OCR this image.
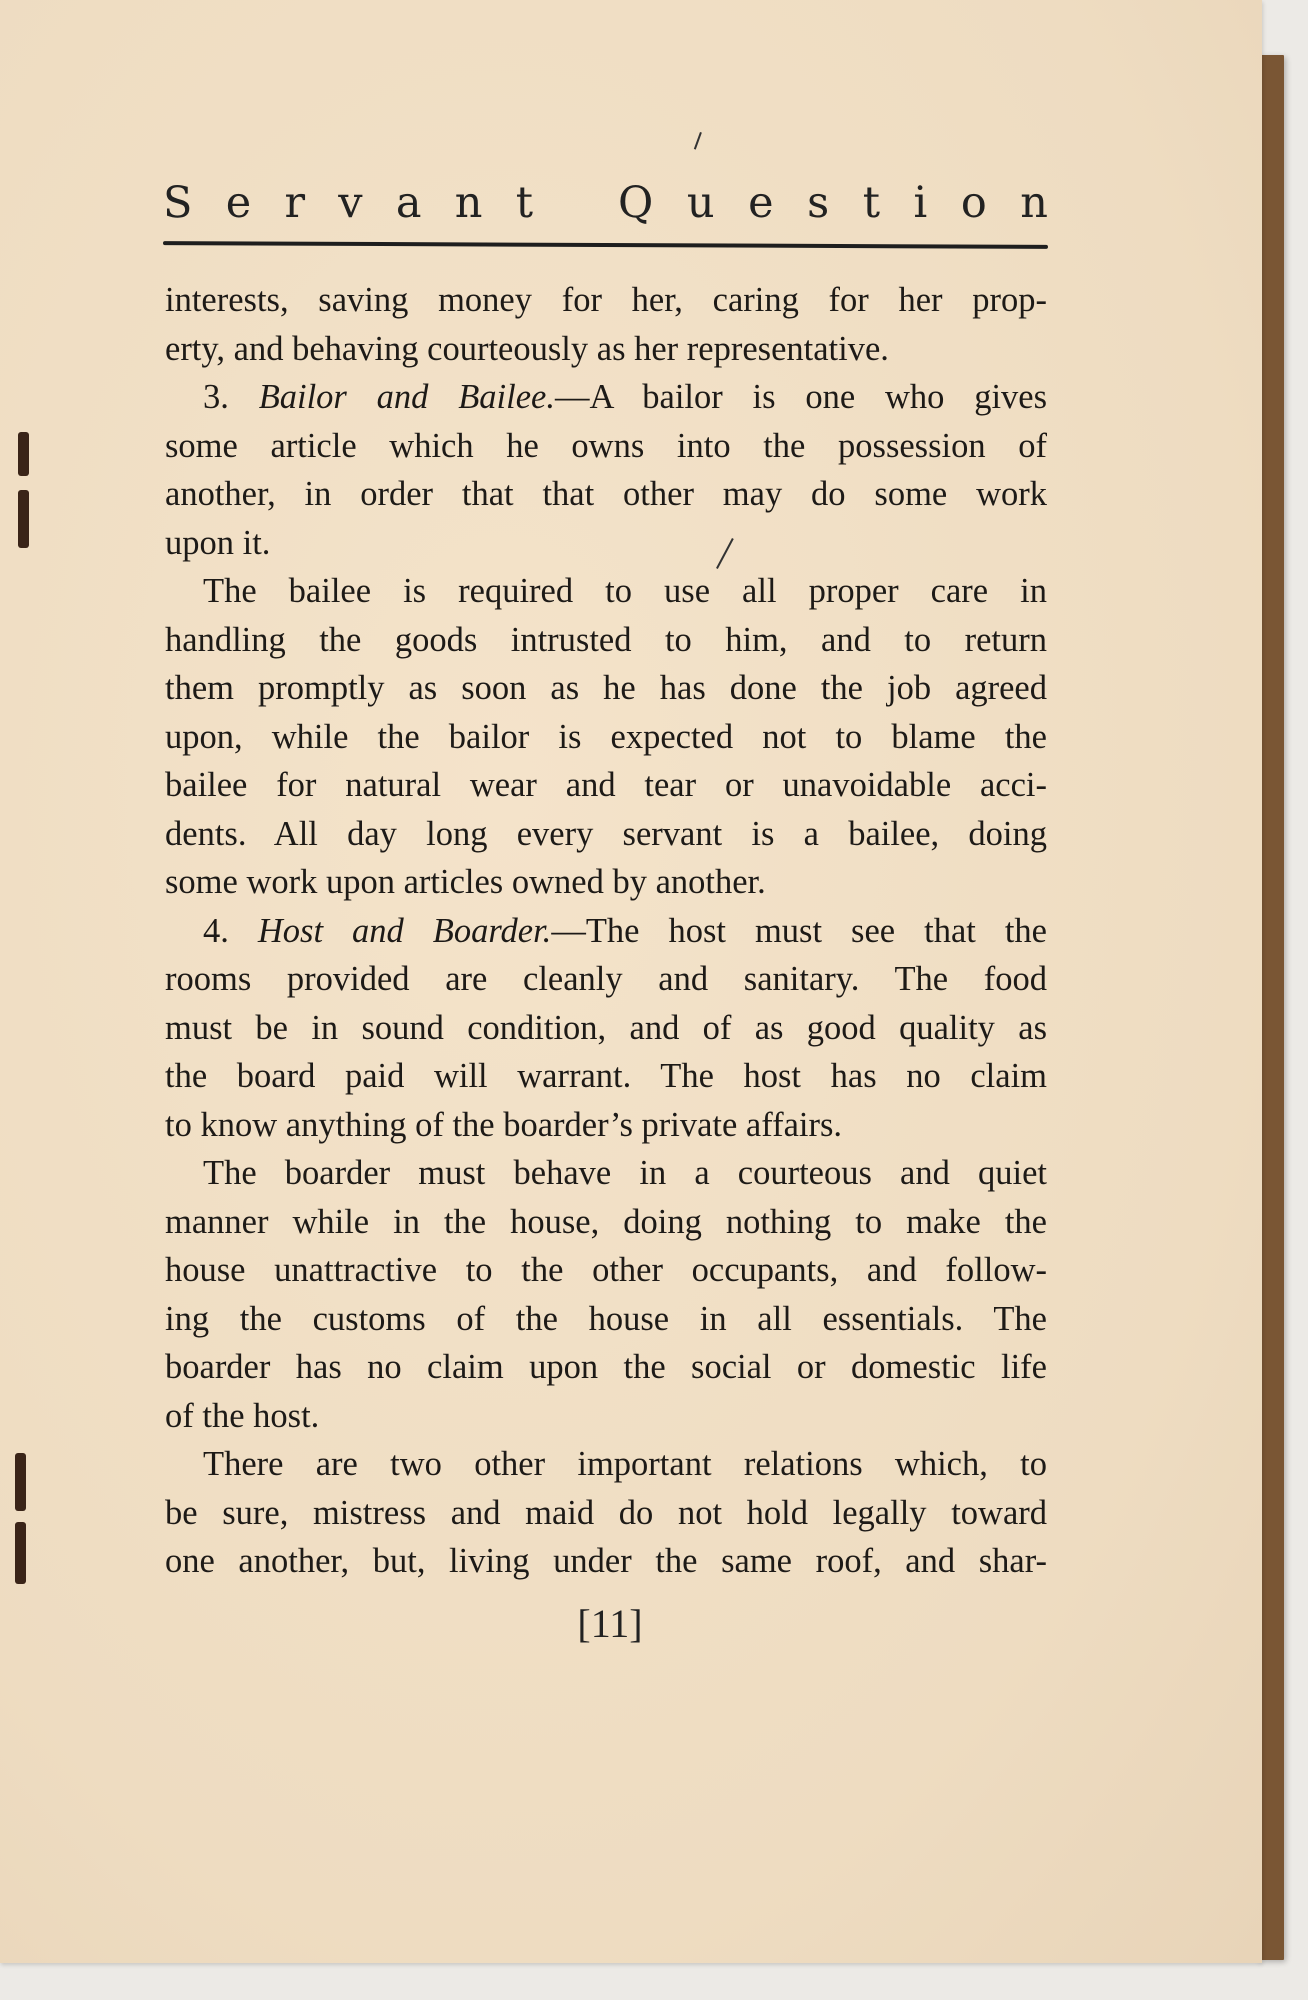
S e r v a n t Q u e s t i o n
interests, saving money for her, caring for her prop-
erty, and behaving courteously as her representative.
3. Bailor and Bailee.—A bailor is one who gives
some article which he owns into the possession of
another, in order that that other may do some work
upon it.
The bailee is required to use all proper care in
handling the goods intrusted to him, and to return
them promptly as soon as he has done the job agreed
upon, while the bailor is expected not to blame the
bailee for natural wear and tear or unavoidable acci-
dents. All day long every servant is a bailee, doing
some work upon articles owned by another.
4. Host and Boarder.—The host must see that the
rooms provided are cleanly and sanitary. The food
must be in sound condition, and of as good quality as
the board paid will warrant. The host has no claim
to know anything of the boarder’s private affairs.
The boarder must behave in a courteous and quiet
manner while in the house, doing nothing to make the
house unattractive to the other occupants, and follow-
ing the customs of the house in all essentials. The
boarder has no claim upon the social or domestic life
of the host.
There are two other important relations which, to
be sure, mistress and maid do not hold legally toward
one another, but, living under the same roof, and shar-
[11]
